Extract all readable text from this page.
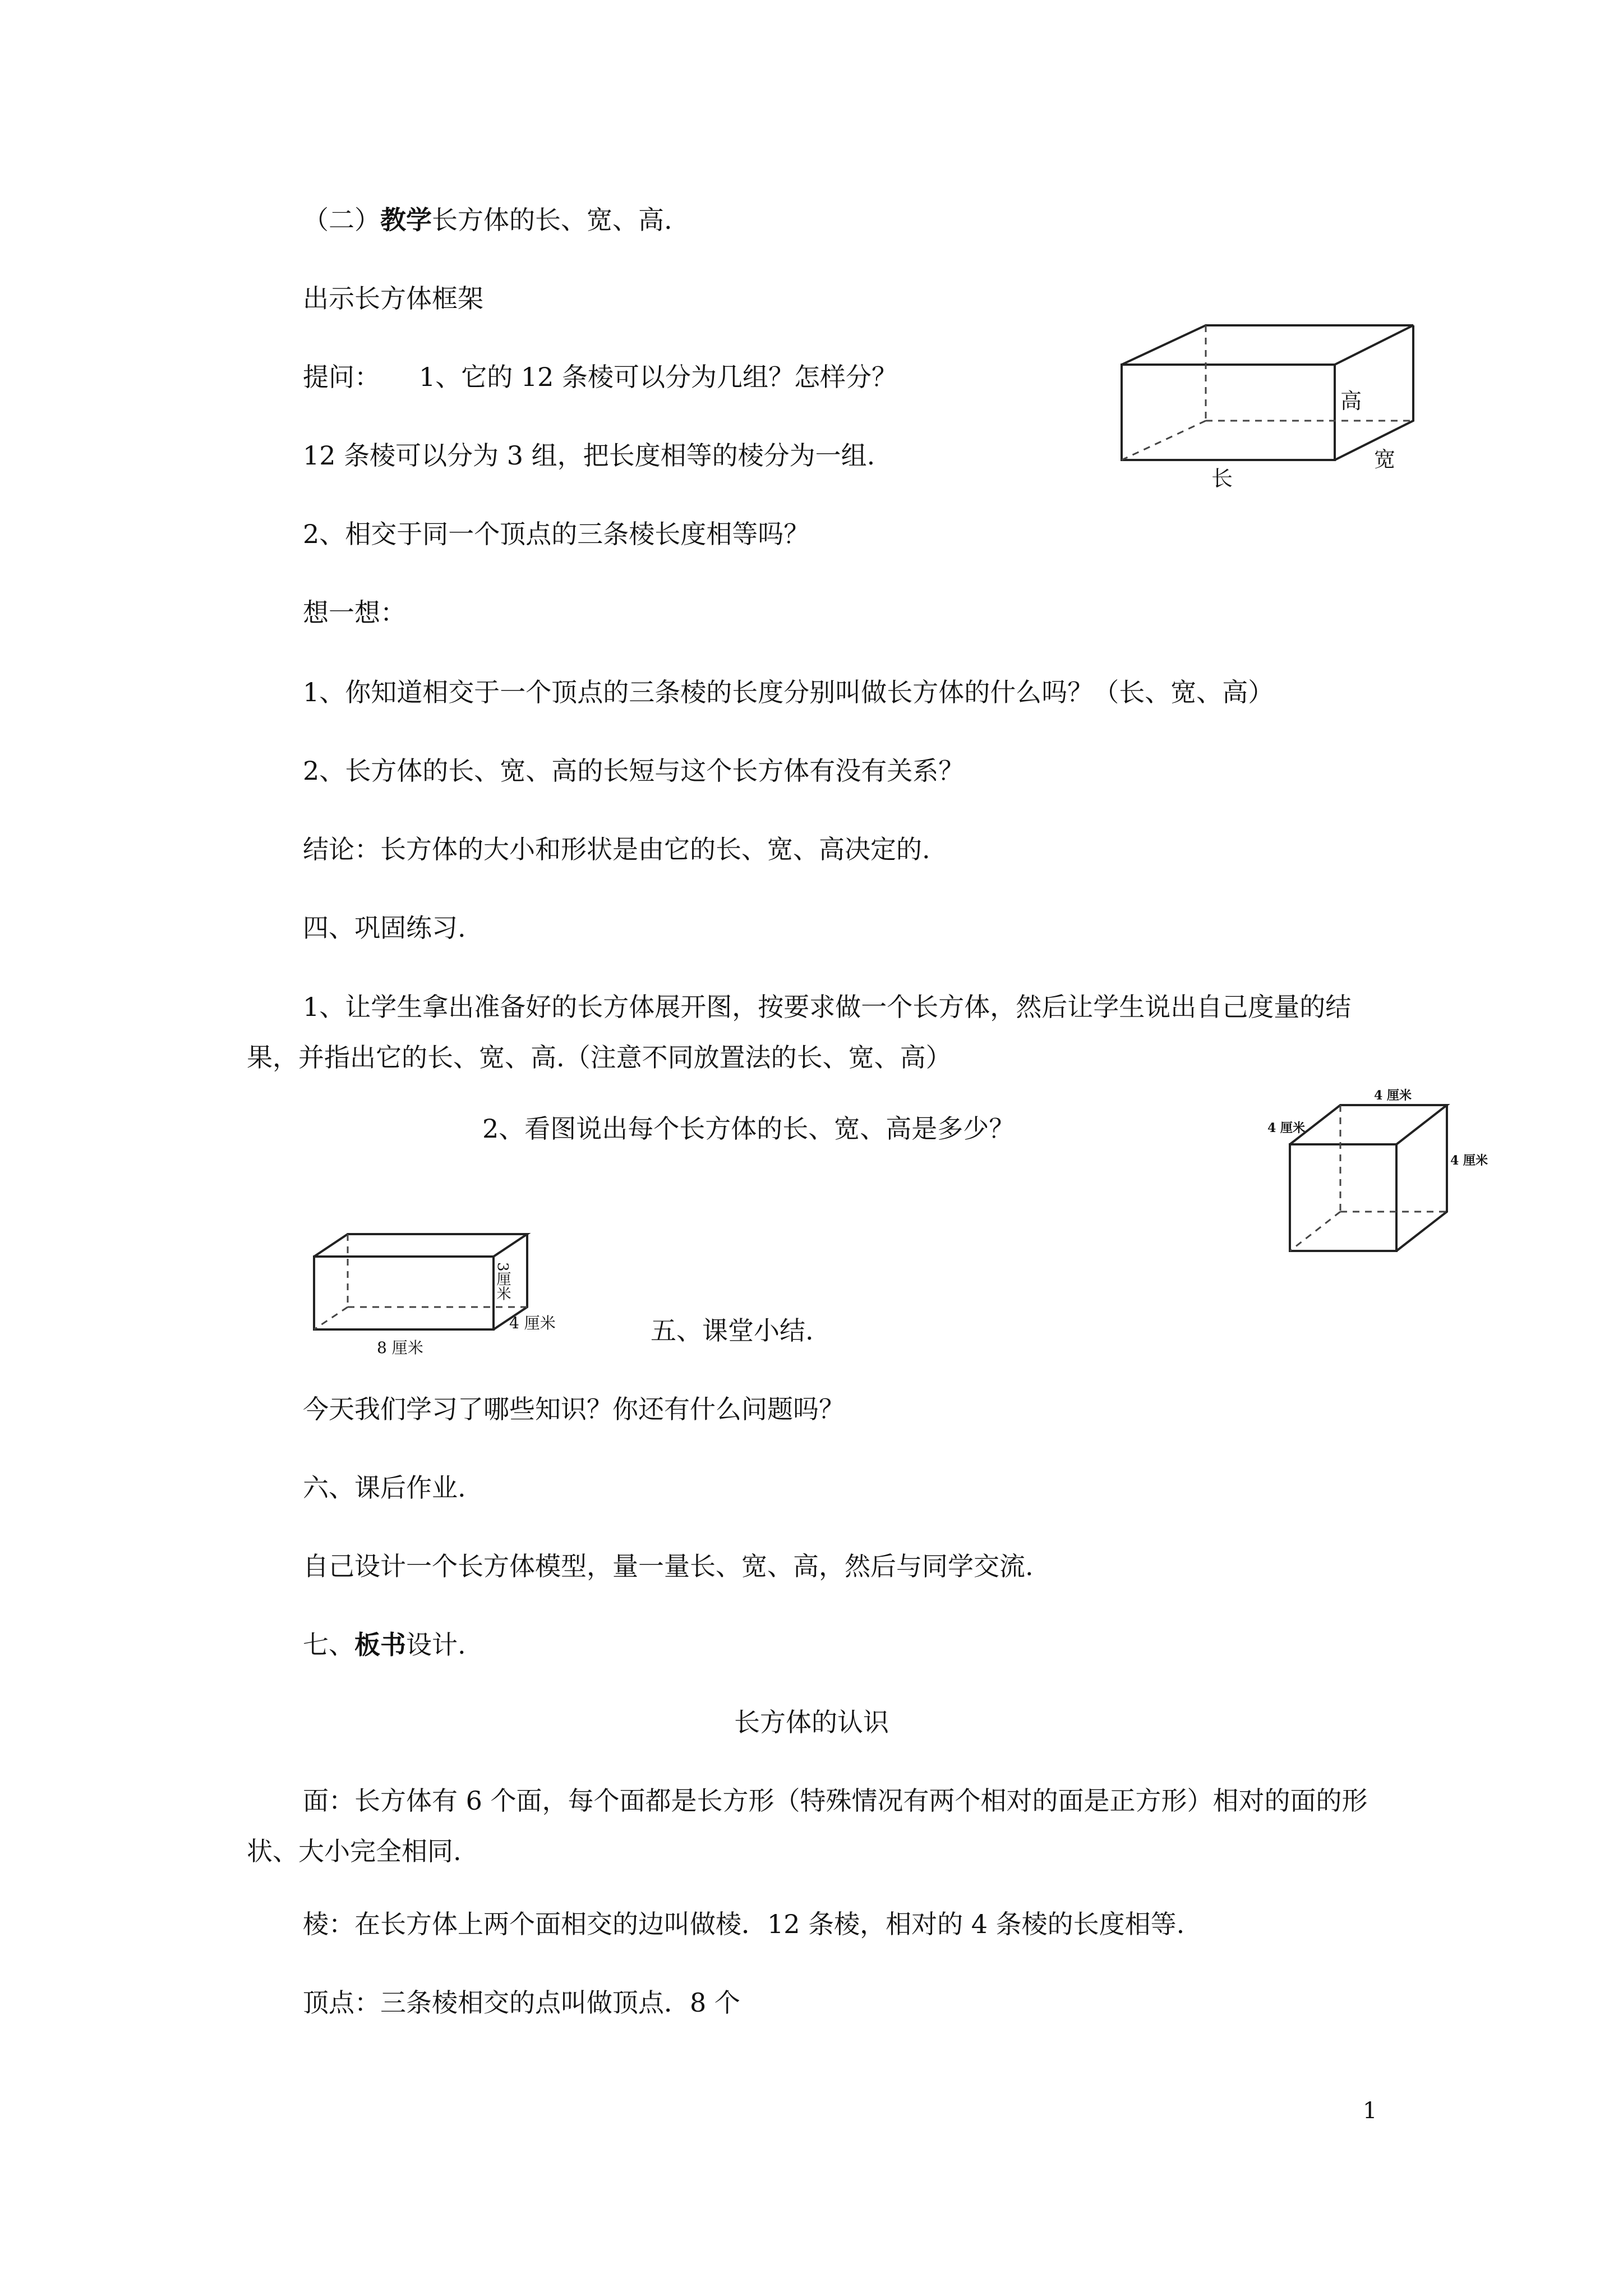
（二）教学长方体的长、宽、高.
出示长方体框架
提问：　　1、它的 12 条棱可以分为几组？怎样分？
12 条棱可以分为 3 组，把长度相等的棱分为一组.
2、相交于同一个顶点的三条棱长度相等吗？
想一想：
1、你知道相交于一个顶点的三条棱的长度分别叫做长方体的什么吗？（长、宽、高）
2、长方体的长、宽、高的长短与这个长方体有没有关系？
结论：长方体的大小和形状是由它的长、宽、高决定的.
四、巩固练习.
1、让学生拿出准备好的长方体展开图，按要求做一个长方体，然后让学生说出自己度量的结果，并指出它的长、宽、高.（注意不同放置法的长、宽、高）
2、看图说出每个长方体的长、宽、高是多少？
五、课堂小结.
今天我们学习了哪些知识？你还有什么问题吗？
六、课后作业.
自己设计一个长方体模型，量一量长、宽、高，然后与同学交流.
七、板书设计.
长方体的认识
面：长方体有 6 个面，每个面都是长方形（特殊情况有两个相对的面是正方形）相对的面的形状、大小完全相同.
棱：在长方体上两个面相交的边叫做棱．12 条棱，相对的 4 条棱的长度相等.
顶点：三条棱相交的点叫做顶点．8 个
高
宽
长
4 厘米
4 厘米
4 厘米
3厘米
4 厘米
8 厘米
1
